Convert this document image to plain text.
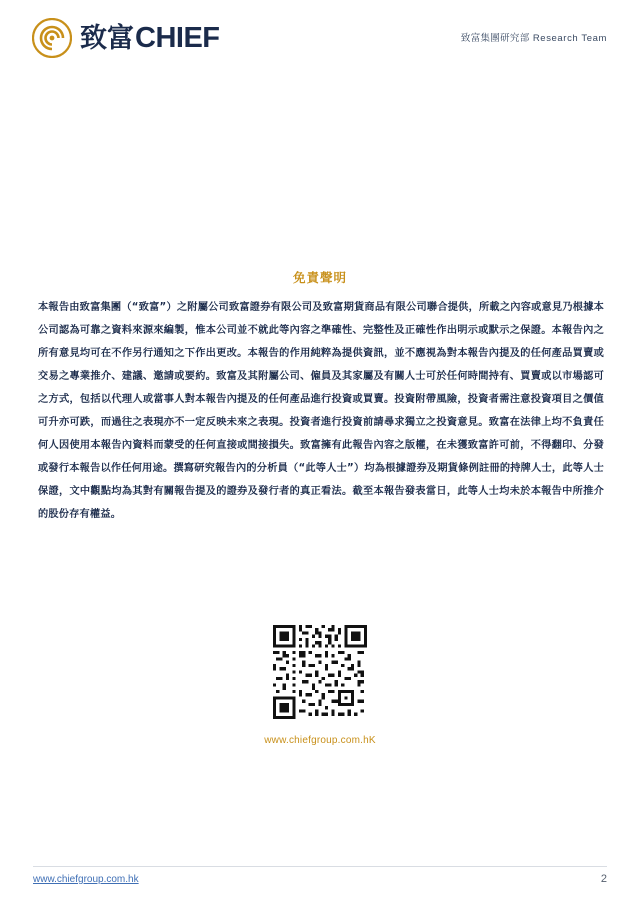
致富 CHIEF	致富集團研究部 Research Team
免責聲明
本報告由致富集團（“致富”）之附屬公司致富證券有限公司及致富期貨商品有限公司聯合提供，所載之內容或意見乃根據本公司認為可靠之資料來源來編製，惟本公司並不就此等內容之準確性、完整性及正確性作出明示或默示之保證。本報告內之所有意見均可在不作另行通知之下作出更改。本報告的作用純粹為提供資訊，並不應視為對本報告內提及的任何產品買賣或交易之專業推介、建議、邀請或要約。致富及其附屬公司、僱員及其家屬及有關人士可於任何時間持有、買賣或以市場認可之方式，包括以代理人或當事人對本報告內提及的任何產品進行投資或買賣。投資附帶風險，投資者需注意投資項目之價值可升亦可跌，而過往之表現亦不一定反映未來之表現。投資者進行投資前請尋求獨立之投資意見。致富在法律上均不負責任何人因使用本報告內資料而蒙受的任何直接或間接損失。致富擁有此報告內容之版權，在未獲致富許可前，不得翻印、分發或發行本報告以作任何用途。撰寫研究報告內的分析員（“此等人士”）均為根據證券及期貨條例註冊的持牌人士，此等人士保證，文中觀點均為其對有關報告提及的證券及發行者的真正看法。截至本報告發表當日，此等人士均未於本報告中所推介的股份存有權益。
www.chiefgroup.com.hK
www.chiefgroup.com.hk	2
